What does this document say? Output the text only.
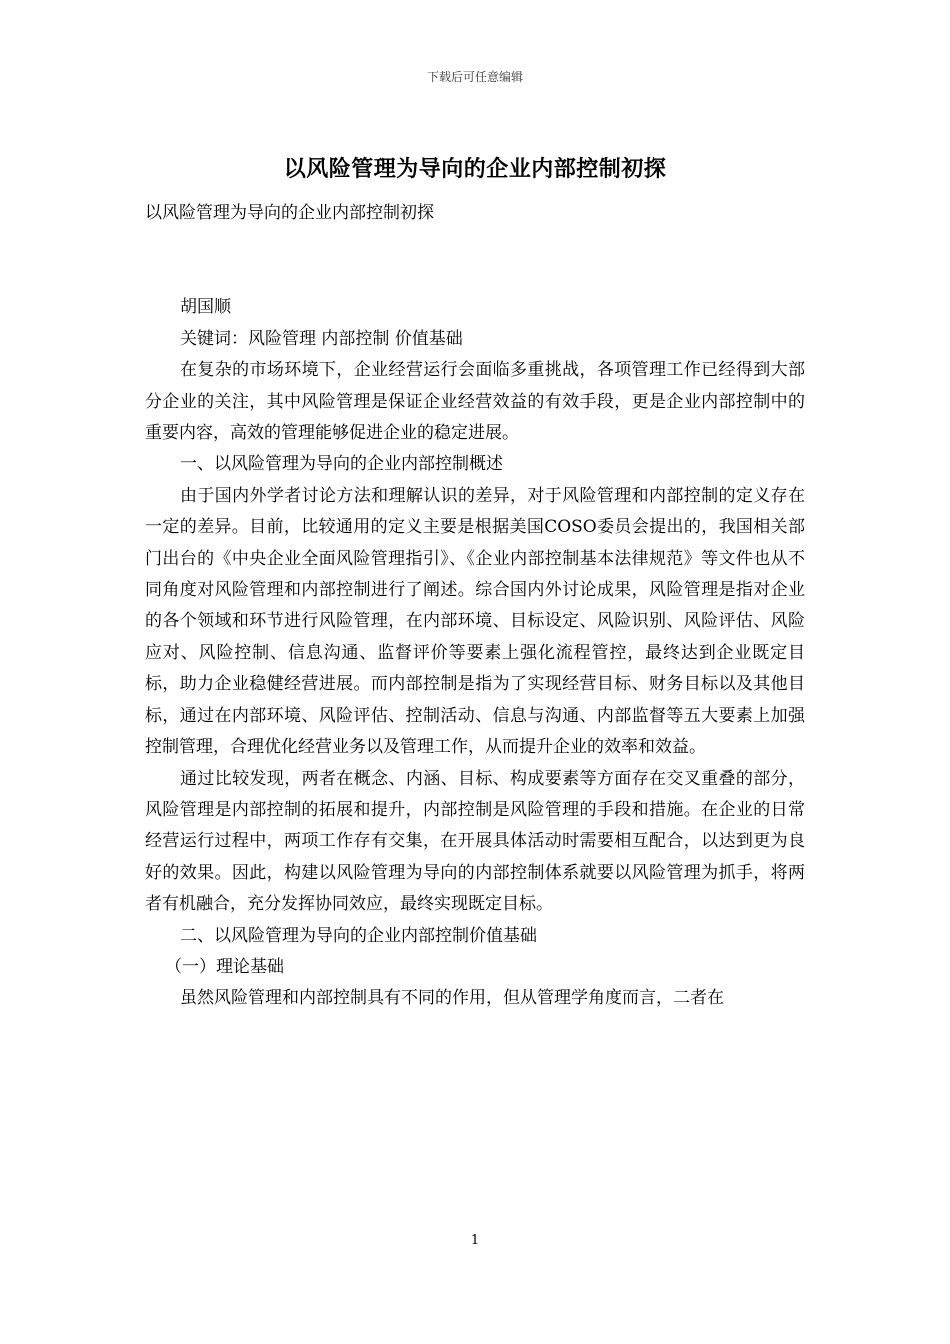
下载后可任意编辑
以风险管理为导向的企业内部控制初探

以风险管理为导向的企业内部控制初探

胡国顺

关键词：风险管理 内部控制 价值基础

在复杂的市场环境下，企业经营运行会面临多重挑战，各项管理工作已经得到大部分企业的关注，其中风险管理是保证企业经营效益的有效手段，更是企业内部控制中的重要内容，高效的管理能够促进企业的稳定进展。

一、以风险管理为导向的企业内部控制概述

由于国内外学者讨论方法和理解认识的差异，对于风险管理和内部控制的定义存在一定的差异。目前，比较通用的定义主要是根据美国COSO委员会提出的，我国相关部门出台的《中央企业全面风险管理指引》、《企业内部控制基本法律规范》等文件也从不同角度对风险管理和内部控制进行了阐述。综合国内外讨论成果，风险管理是指对企业的各个领域和环节进行风险管理，在内部环境、目标设定、风险识别、风险评估、风险应对、风险控制、信息沟通、监督评价等要素上强化流程管控，最终达到企业既定目标，助力企业稳健经营进展。而内部控制是指为了实现经营目标、财务目标以及其他目标，通过在内部环境、风险评估、控制活动、信息与沟通、内部监督等五大要素上加强控制管理，合理优化经营业务以及管理工作，从而提升企业的效率和效益。

通过比较发现，两者在概念、内涵、目标、构成要素等方面存在交叉重叠的部分，风险管理是内部控制的拓展和提升，内部控制是风险管理的手段和措施。在企业的日常经营运行过程中，两项工作存有交集，在开展具体活动时需要相互配合，以达到更为良好的效果。因此，构建以风险管理为导向的内部控制体系就要以风险管理为抓手，将两者有机融合，充分发挥协同效应，最终实现既定目标。

二、以风险管理为导向的企业内部控制价值基础

（一）理论基础

虽然风险管理和内部控制具有不同的作用，但从管理学角度而言，二者在

1
